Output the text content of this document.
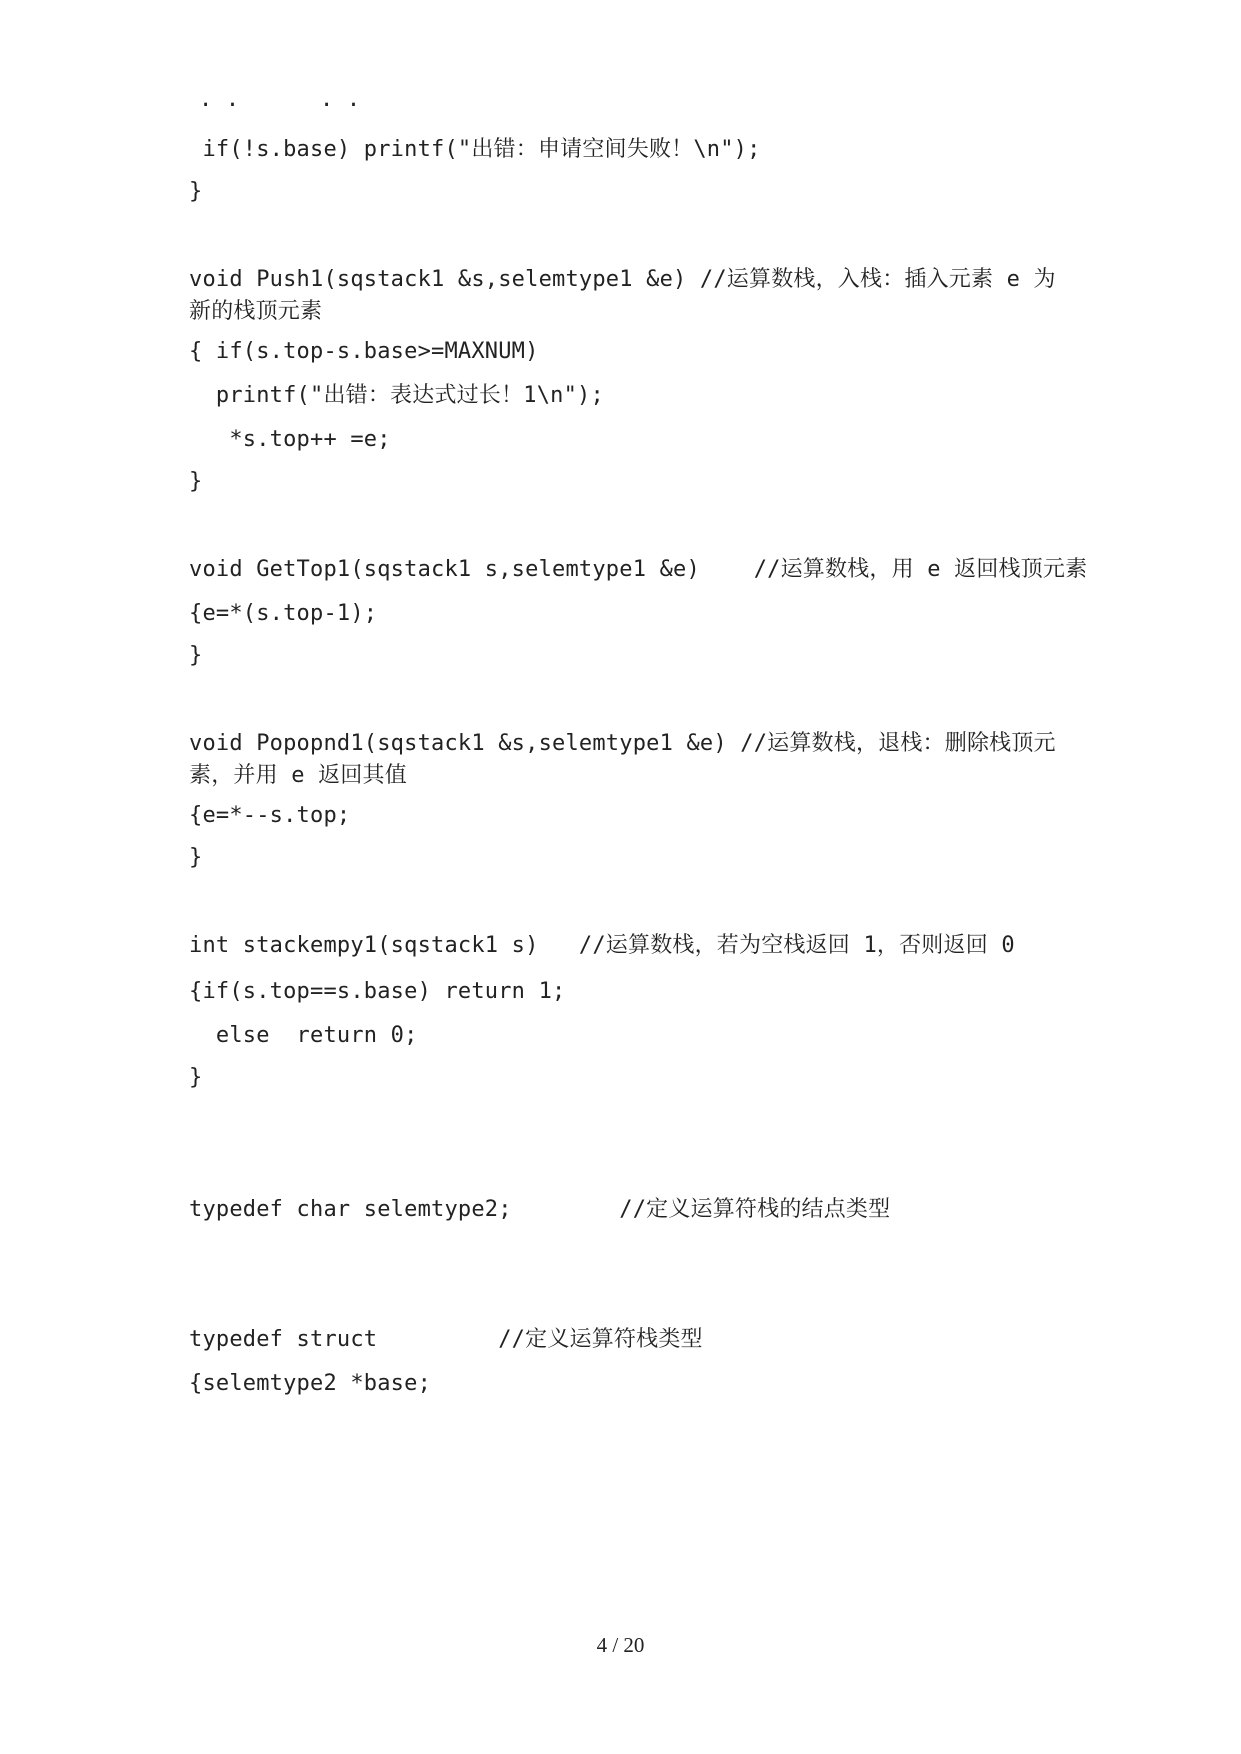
. .      . .
if(!s.base) printf("出错：申请空间失败！\n");
}
void Push1(sqstack1 &s,selemtype1 &e) //运算数栈，入栈：插入元素 e 为新的栈顶元素
{ if(s.top-s.base>=MAXNUM)
printf("出错：表达式过长！1\n");
*s.top++ =e;
}
void GetTop1(sqstack1 s,selemtype1 &e)    //运算数栈，用 e 返回栈顶元素
{e=*(s.top-1);
}
void Popopnd1(sqstack1 &s,selemtype1 &e) //运算数栈，退栈：删除栈顶元素，并用 e 返回其值
{e=*--s.top;
}
int stackempy1(sqstack1 s)   //运算数栈，若为空栈返回 1，否则返回 0
{if(s.top==s.base) return 1;
else  return 0;
}
typedef char selemtype2;        //定义运算符栈的结点类型
typedef struct         //定义运算符栈类型
{selemtype2 *base;
4 / 20
